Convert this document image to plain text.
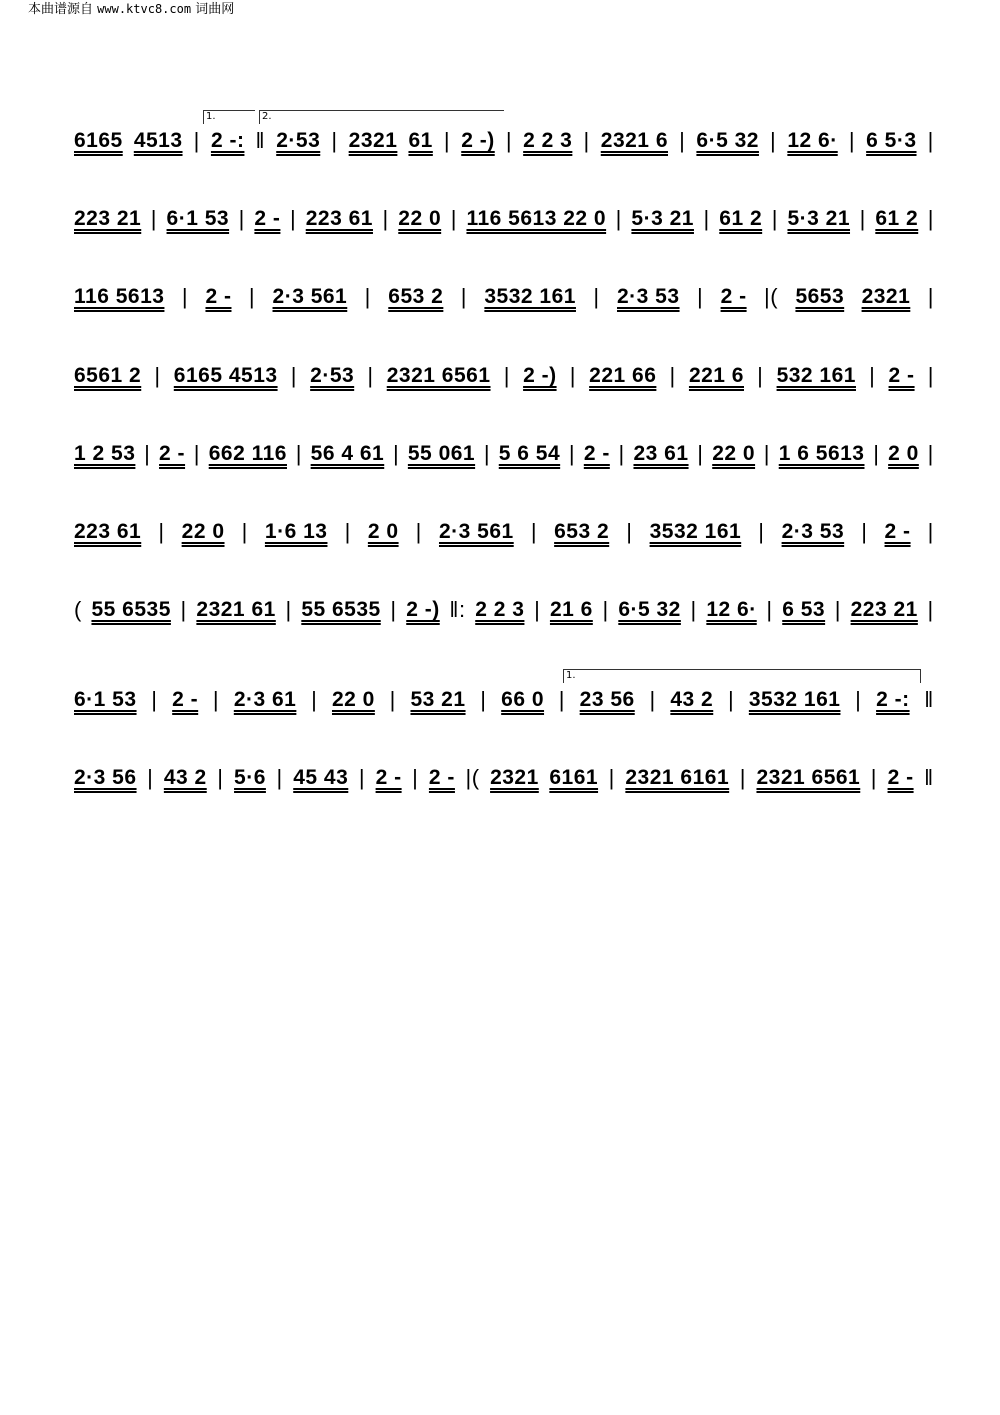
本曲谱源自 www.ktvc8.com 词曲网
1.	2.
1.
6165 4513 | 2 -: ‖ 2·53 | 2321 61 | 2 -) | 2 2 3 | 2321 6 | 6·5 32 | 12 6· | 6 5·3 |
223 21 | 6·1 53 | 2 - | 223 61 | 22 0 | 116 5613 22 0 | 5·3 21 | 61 2 | 5·3 21 | 61 2 |
116 5613 | 2 - | 2·3 561 | 653 2 | 3532 161 | 2·3 53 | 2 - |( 5653 2321 |
6561 2 | 6165 4513 | 2·53 | 2321 6561 | 2 -) | 221 66 | 221 6 | 532 161 | 2 - |
1 2 53 | 2 - | 662 116 | 56 4 61 | 55 061 | 5 6 54 | 2 - | 23 61 | 22 0 | 1 6 5613 | 2 0 |
223 61 | 22 0 | 1·6 13 | 2 0 | 2·3 561 | 653 2 | 3532 161 | 2·3 53 | 2 - |
( 55 6535 | 2321 61 | 55 6535 | 2 -) ‖: 2 2 3 | 21 6 | 6·5 32 | 12 6· | 6 53 | 223 21 |
6·1 53 | 2 - | 2·3 61 | 22 0 | 53 21 | 66 0 | 23 56 | 43 2 | 3532 161 | 2 -: ‖
2·3 56 | 43 2 | 5·6 | 45 43 | 2 - | 2 - |( 2321 6161 | 2321 6161 | 2321 6561 | 2 - ‖
